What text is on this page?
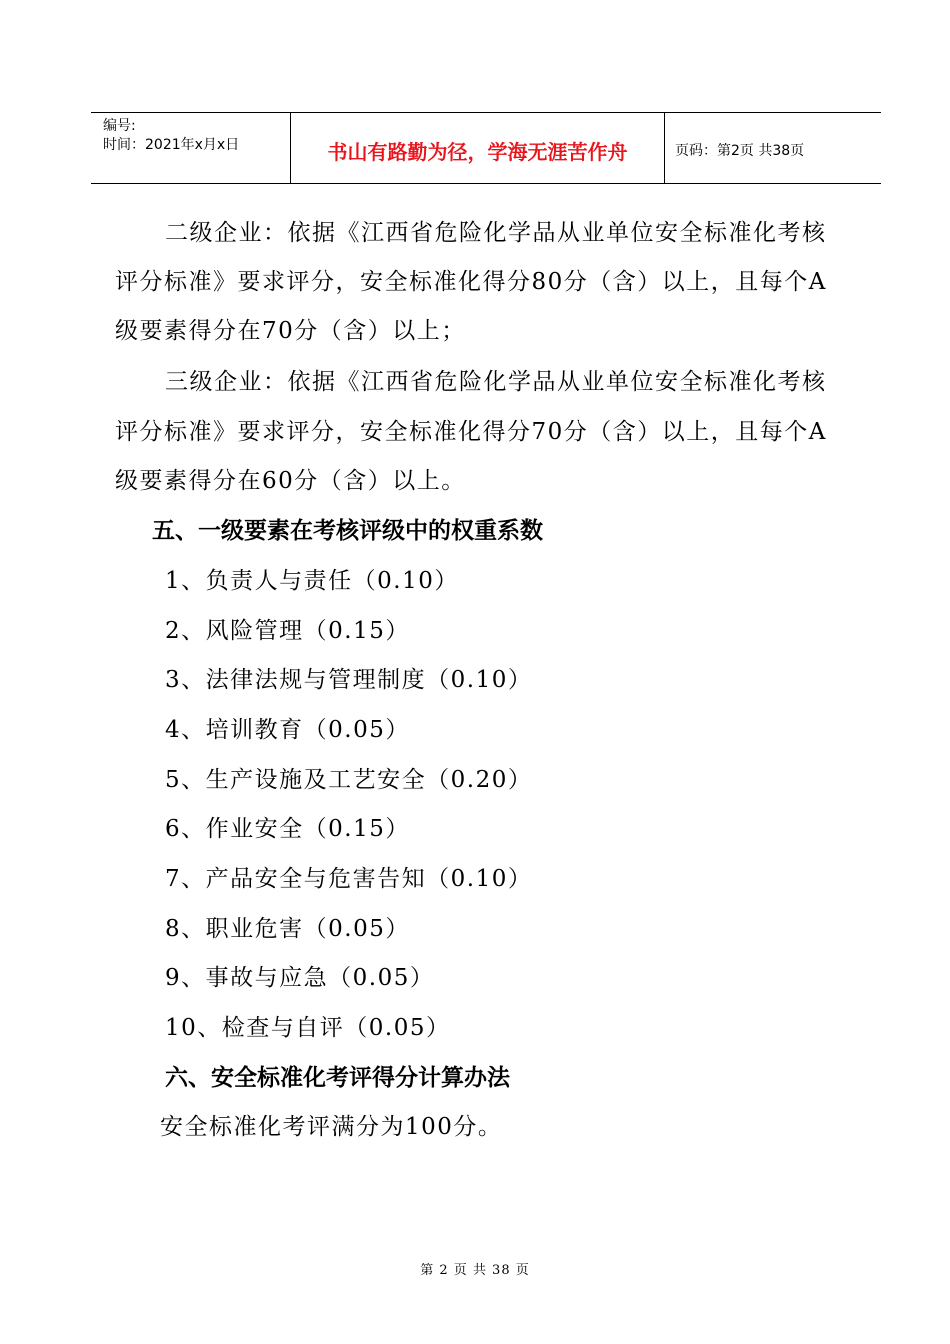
编号:
时间：2021年x月x日	书山有路勤为径，学海无涯苦作舟	页码：第2页 共38页
二级企业：依据《江西省危险化学品从业单位安全标准化考核
评分标准》要求评分，安全标准化得分80分（含）以上，且每个A
级要素得分在70分（含）以上；
三级企业：依据《江西省危险化学品从业单位安全标准化考核
评分标准》要求评分，安全标准化得分70分（含）以上，且每个A
级要素得分在60分（含）以上。
五、一级要素在考核评级中的权重系数
1、负责人与责任（0.10）
2、风险管理（0.15）
3、法律法规与管理制度（0.10）
4、培训教育（0.05）
5、生产设施及工艺安全（0.20）
6、作业安全（0.15）
7、产品安全与危害告知（0.10）
8、职业危害（0.05）
9、事故与应急（0.05）
10、检查与自评（0.05）
六、安全标准化考评得分计算办法
安全标准化考评满分为100分。
第 2 页 共 38 页
